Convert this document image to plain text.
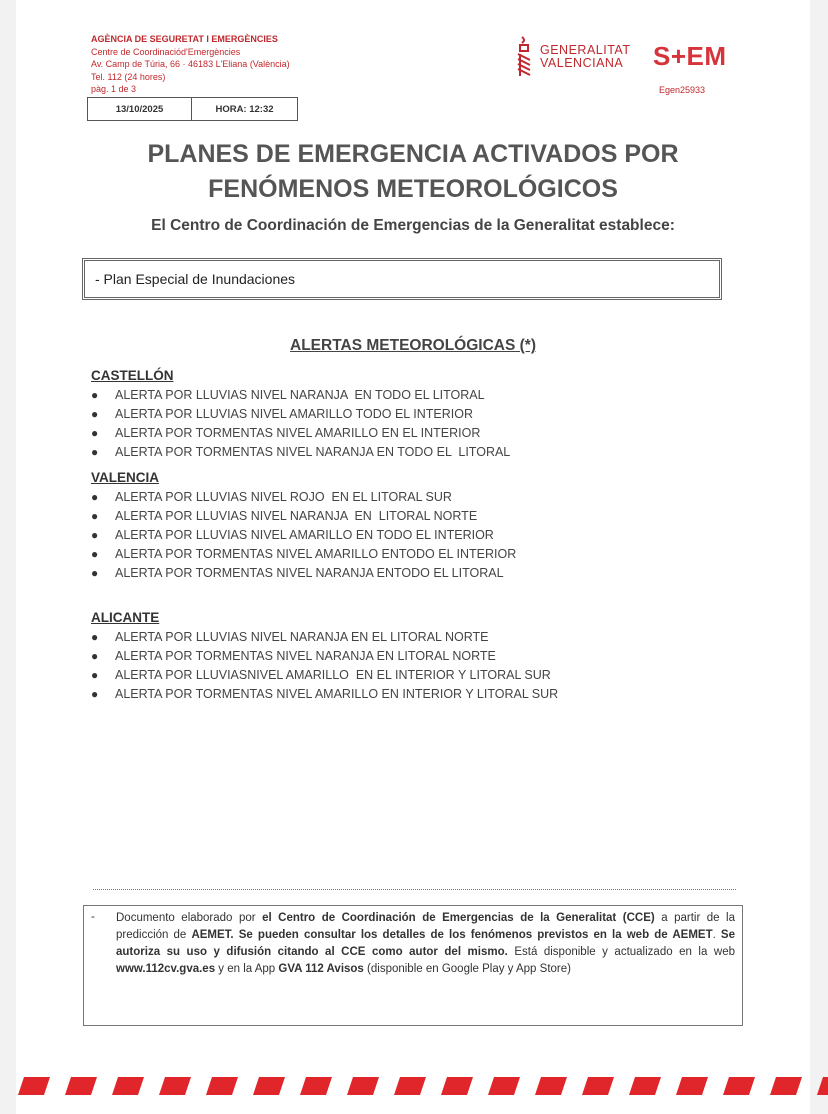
AGÈNCIA DE SEGURETAT I EMERGÈNCIES
Centre de Coordinaciód'Emergències
Av. Camp de Túria, 66 · 46183 L'Eliana (València)
Tel. 112 (24 hores)
pàg. 1 de 3
13/10/2025	HORA: 12:32
GENERALITAT
VALENCIANA S+EM
Egen25933
PLANES DE EMERGENCIA ACTIVADOS POR
FENÓMENOS METEOROLÓGICOS
El Centro de Coordinación de Emergencias de la Generalitat establece:
- Plan Especial de Inundaciones
ALERTAS METEOROLÓGICAS (*)
CASTELLÓN
● ALERTA POR LLUVIAS NIVEL NARANJA  EN TODO EL LITORAL
● ALERTA POR LLUVIAS NIVEL AMARILLO TODO EL INTERIOR
● ALERTA POR TORMENTAS NIVEL AMARILLO EN EL INTERIOR
● ALERTA POR TORMENTAS NIVEL NARANJA EN TODO EL  LITORAL
VALENCIA
● ALERTA POR LLUVIAS NIVEL ROJO  EN EL LITORAL SUR
● ALERTA POR LLUVIAS NIVEL NARANJA  EN  LITORAL NORTE
● ALERTA POR LLUVIAS NIVEL AMARILLO EN TODO EL INTERIOR
● ALERTA POR TORMENTAS NIVEL AMARILLO ENTODO EL INTERIOR
● ALERTA POR TORMENTAS NIVEL NARANJA ENTODO EL LITORAL
ALICANTE
● ALERTA POR LLUVIAS NIVEL NARANJA EN EL LITORAL NORTE
● ALERTA POR TORMENTAS NIVEL NARANJA EN LITORAL NORTE
● ALERTA POR LLUVIASNIVEL AMARILLO  EN EL INTERIOR Y LITORAL SUR
● ALERTA POR TORMENTAS NIVEL AMARILLO EN INTERIOR Y LITORAL SUR
- Documento elaborado por el Centro de Coordinación de Emergencias de la Generalitat (CCE) a partir de la predicción de AEMET. Se pueden consultar los detalles de los fenómenos previstos en la web de AEMET. Se autoriza su uso y difusión citando al CCE como autor del mismo. Está disponible y actualizado en la web www.112cv.gva.es y en la App GVA 112 Avisos (disponible en Google Play y App Store)
